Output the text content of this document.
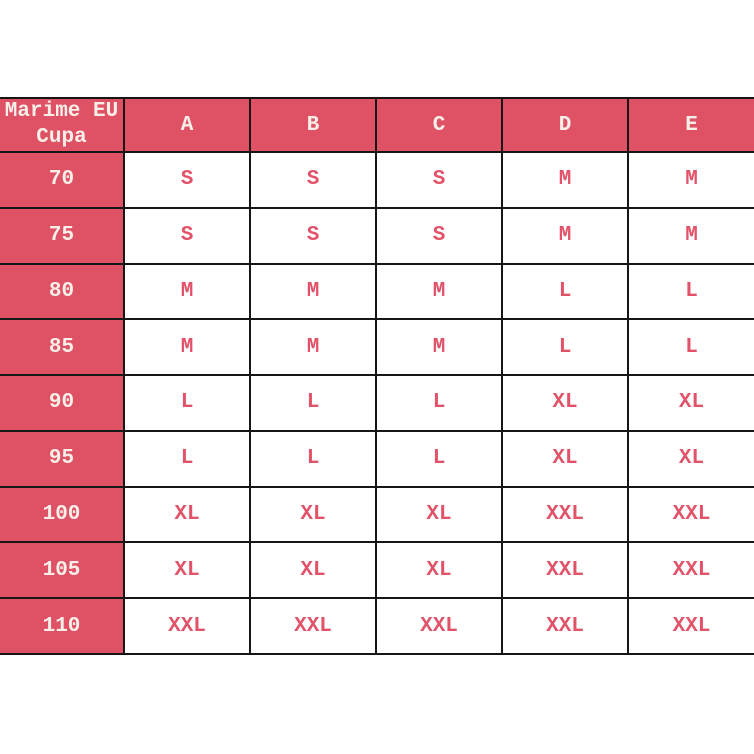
Marime EU
Cupa	A	B	C	D	E
70	S	S	S	M	M
75	S	S	S	M	M
80	M	M	M	L	L
85	M	M	M	L	L
90	L	L	L	XL	XL
95	L	L	L	XL	XL
100	XL	XL	XL	XXL	XXL
105	XL	XL	XL	XXL	XXL
110	XXL	XXL	XXL	XXL	XXL
